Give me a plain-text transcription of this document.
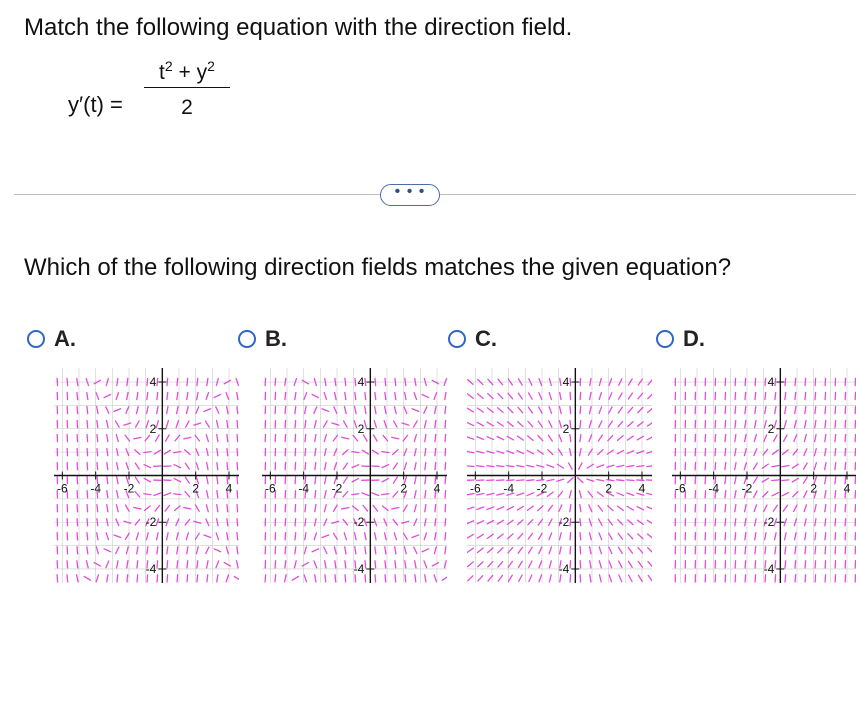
Match the following equation with the direction field.
y′(t) =
$t^2 + y^2$
2
• • •
Which of the following direction fields matches the given equation?
A.	B.	C.	D.
-6 -4 -2	2 4
4
2
-2
-4
-6 -4 -2	2 4
4
2
-2
-4
-6 -4 -2	2 4
4
2
-2
-4
-6 -4 -2	2 4
4
2
-2
-4
